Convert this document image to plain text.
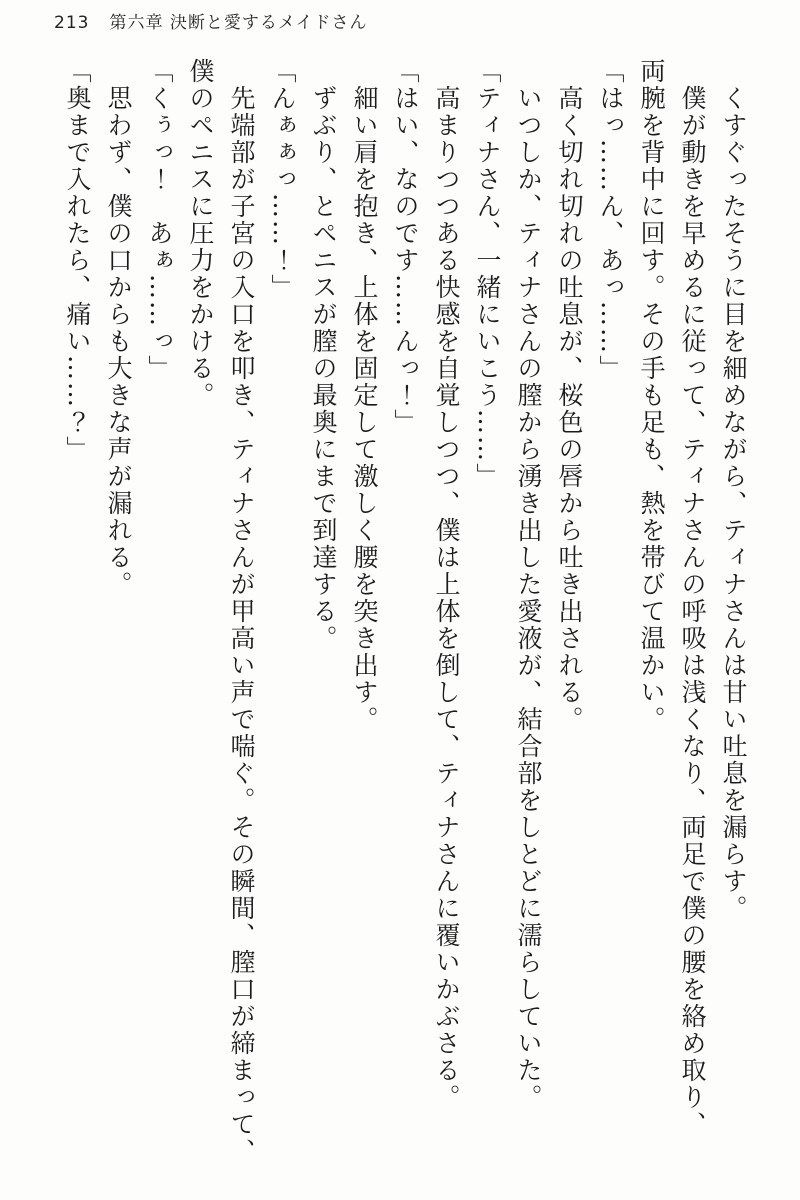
213 第六章 決断と愛するメイドさん
くすぐったそうに目を細めながら、ティナさんは甘い吐息を漏らす。
僕が動きを早めるに従って、ティナさんの呼吸は浅くなり、両足で僕の腰を絡め取り、
両腕を背中に回す。その手も足も、熱を帯びて温かい。
「はっ……ん、あっ……」
高く切れ切れの吐息が、桜色の唇から吐き出される。
いつしか、ティナさんの膣から湧き出した愛液が、結合部をしとどに濡らしていた。
「ティナさん、一緒にいこう……」
高まりつつある快感を自覚しつつ、僕は上体を倒して、ティナさんに覆いかぶさる。
「はい、なのです……んっ！」
細い肩を抱き、上体を固定して激しく腰を突き出す。
ずぶり、とペニスが膣の最奥にまで到達する。
「んぁぁっ……！」
先端部が子宮の入口を叩き、ティナさんが甲高い声で喘ぐ。その瞬間、膣口が締まって、
僕のペニスに圧力をかける。
「くぅっ！　あぁ……っ」
思わず、僕の口からも大きな声が漏れる。
「奥まで入れたら、痛い……？」
